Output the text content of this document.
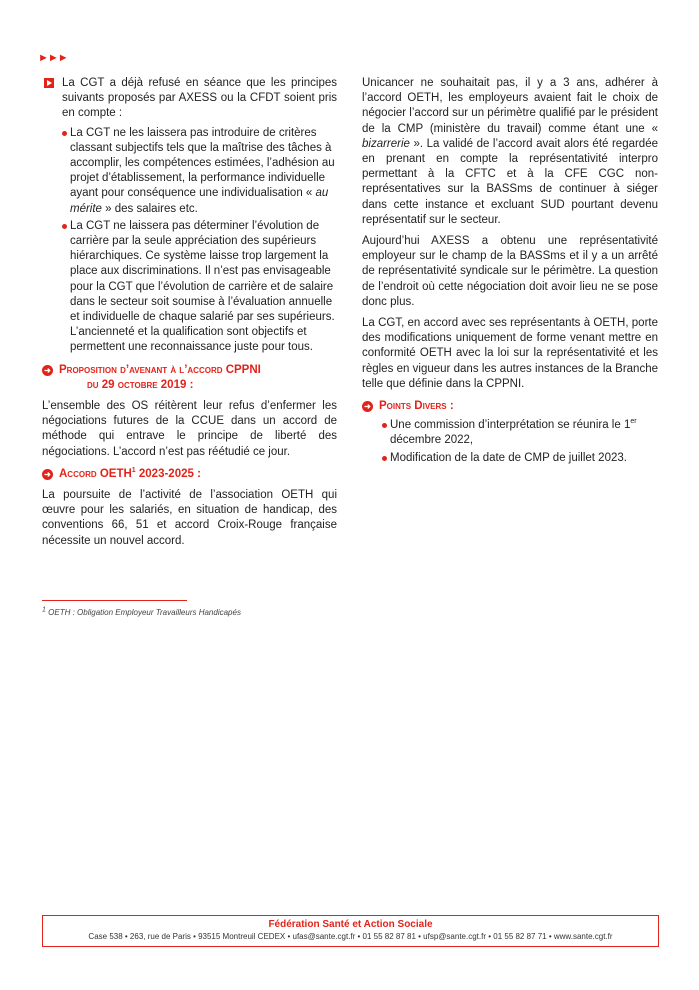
►►►
La CGT a déjà refusé en séance que les principes suivants proposés par AXESS ou la CFDT soient pris en compte :
La CGT ne les laissera pas introduire de critères classant subjectifs tels que la maîtrise des tâches à accomplir, les compétences estimées, l’adhésion au projet d’établissement, la performance individuelle ayant pour conséquence une individualisation « au mérite » des salaires etc.
La CGT ne laissera pas déterminer l’évolution de carrière par la seule appréciation des supérieurs hiérarchiques. Ce système laisse trop largement la place aux discriminations. Il n’est pas envisageable pour la CGT que l’évolution de carrière et de salaire dans le secteur soit soumise à l’évaluation annuelle et individuelle de chaque salarié par ses supérieurs. L’ancienneté et la qualification sont objectifs et permettent une reconnaissance juste pour tous.
➜ Proposition d’avenant à l’accord CPPNI
du 29 octobre 2019 :
L’ensemble des OS réitèrent leur refus d’enfermer les négociations futures de la CCUE dans un accord de méthode qui entrave le principe de liberté des négociations. L’accord n’est pas réétudié ce jour.
➜ Accord OETH$^1$ 2023-2025 :
La poursuite de l’activité de l’association OETH qui œuvre pour les salariés, en situation de handicap, des conventions 66, 51 et accord Croix-Rouge française nécessite un nouvel accord.
Unicancer ne souhaitait pas, il y a 3 ans, adhérer à l’accord OETH, les employeurs avaient fait le choix de négocier l’accord sur un périmètre qualifié par le président de la CMP (ministère du travail) comme étant une « bizarrerie ». La validé de l’accord avait alors été regardée en prenant en compte la représentativité interpro permettant à la CFTC et à la CFE CGC non-représentatives sur la BASSms de continuer à siéger dans cette instance et excluant SUD pourtant devenu représentatif sur le secteur.
Aujourd’hui AXESS a obtenu une représentativité employeur sur le champ de la BASSms et il y a un arrêté de représentativité syndicale sur le périmètre. La question de l’endroit où cette négociation doit avoir lieu ne se pose donc plus.
La CGT, en accord avec ses représentants à OETH, porte des modifications uniquement de forme venant mettre en conformité OETH avec la loi sur la représentativité et les règles en vigueur dans les autres instances de la Branche telle que définie dans la CPPNI.
➜ Points Divers :
Une commission d’interprétation se réunira le 1er décembre 2022,
Modification de la date de CMP de juillet 2023.
$^1$ OETH : Obligation Employeur Travailleurs Handicapés
Fédération Santé et Action Sociale
Case 538 • 263, rue de Paris • 93515 Montreuil CEDEX • ufas@sante.cgt.fr • 01 55 82 87 81 • ufsp@sante.cgt.fr • 01 55 82 87 71 • www.sante.cgt.fr
